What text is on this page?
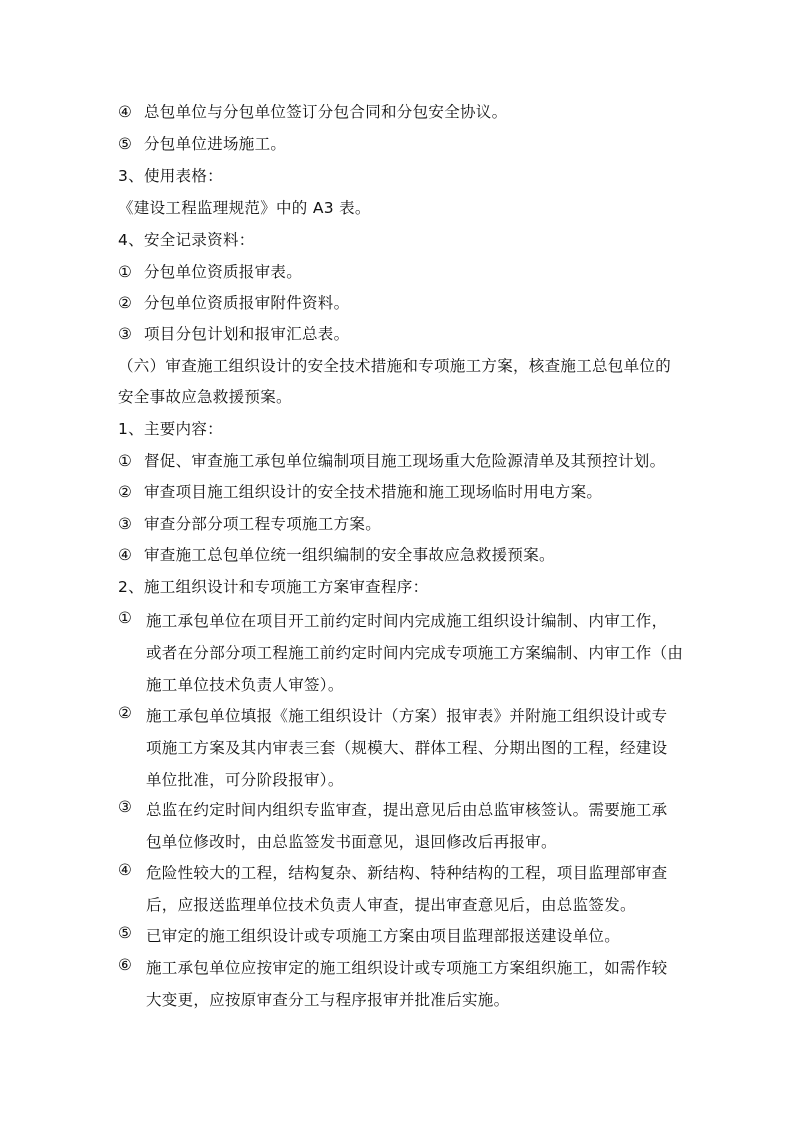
④ 总包单位与分包单位签订分包合同和分包安全协议。
⑤ 分包单位进场施工。
3、使用表格：
《建设工程监理规范》中的 A3 表。
4、安全记录资料：
① 分包单位资质报审表。
② 分包单位资质报审附件资料。
③ 项目分包计划和报审汇总表。
（六）审查施工组织设计的安全技术措施和专项施工方案，核查施工总包单位的
安全事故应急救援预案。
1、主要内容：
① 督促、审查施工承包单位编制项目施工现场重大危险源清单及其预控计划。
② 审查项目施工组织设计的安全技术措施和施工现场临时用电方案。
③ 审查分部分项工程专项施工方案。
④ 审查施工总包单位统一组织编制的安全事故应急救援预案。
2、施工组织设计和专项施工方案审查程序：
① 施工承包单位在项目开工前约定时间内完成施工组织设计编制、内审工作，
或者在分部分项工程施工前约定时间内完成专项施工方案编制、内审工作（由
施工单位技术负责人审签）。
② 施工承包单位填报《施工组织设计（方案）报审表》并附施工组织设计或专
项施工方案及其内审表三套（规模大、群体工程、分期出图的工程，经建设
单位批准，可分阶段报审）。
③ 总监在约定时间内组织专监审查，提出意见后由总监审核签认。需要施工承
包单位修改时，由总监签发书面意见，退回修改后再报审。
④ 危险性较大的工程，结构复杂、新结构、特种结构的工程，项目监理部审查
后，应报送监理单位技术负责人审查，提出审查意见后，由总监签发。
⑤ 已审定的施工组织设计或专项施工方案由项目监理部报送建设单位。
⑥ 施工承包单位应按审定的施工组织设计或专项施工方案组织施工，如需作较
大变更，应按原审查分工与程序报审并批准后实施。
